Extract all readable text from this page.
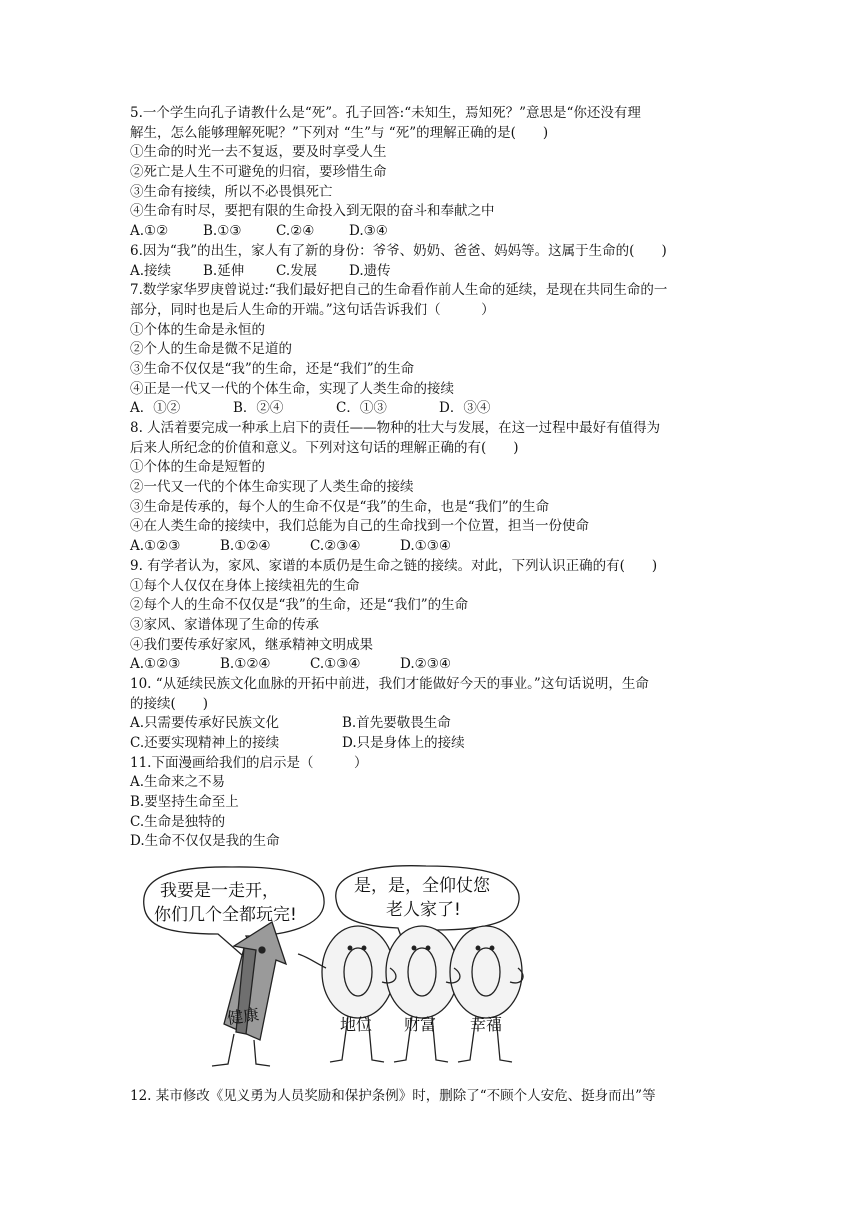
5.一个学生向孔子请教什么是“死”。孔子回答:“未知生，焉知死？”意思是“你还没有理
解生，怎么能够理解死呢？”下列对 “生”与 “死”的理解正确的是(　　)
①生命的时光一去不复返，要及时享受人生
②死亡是人生不可避免的归宿，要珍惜生命
③生命有接续，所以不必畏惧死亡
④生命有时尽，要把有限的生命投入到无限的奋斗和奉献之中
A.①②	B.①③	C.②④	D.③④
6.因为“我”的出生，家人有了新的身份：爷爷、奶奶、爸爸、妈妈等。这属于生命的(　　)
A.接续	B.延伸	C.发展	D.遗传
7.数学家华罗庚曾说过:“我们最好把自己的生命看作前人生命的延续，是现在共同生命的一
部分，同时也是后人生命的开端。”这句话告诉我们（　　　）
①个体的生命是永恒的
②个人的生命是微不足道的
③生命不仅仅是“我”的生命，还是“我们”的生命
④正是一代又一代的个体生命，实现了人类生命的接续
A．①②	B．②④	C．①③	D．③④
8. 人活着要完成一种承上启下的责任——物种的壮大与发展，在这一过程中最好有值得为
后来人所纪念的价值和意义。下列对这句话的理解正确的有(　　)
①个体的生命是短暂的
②一代又一代的个体生命实现了人类生命的接续
③生命是传承的，每个人的生命不仅是“我”的生命，也是“我们”的生命
④在人类生命的接续中，我们总能为自己的生命找到一个位置，担当一份使命
A.①②③	B.①②④	C.②③④	D.①③④
9. 有学者认为，家风、家谱的本质仍是生命之链的接续。对此，下列认识正确的有(　　)
①每个人仅仅在身体上接续祖先的生命
②每个人的生命不仅仅是“我”的生命，还是“我们”的生命
③家风、家谱体现了生命的传承
④我们要传承好家风，继承精神文明成果
A.①②③	B.①②④	C.①③④	D.②③④
10. “从延续民族文化血脉的开拓中前进，我们才能做好今天的事业。”这句话说明，生命
的接续(　　)
A.只需要传承好民族文化	B.首先要敬畏生命
C.还要实现精神上的接续	D.只是身体上的接续
11.下面漫画给我们的启示是（　　　）
A.生命来之不易
B.要坚持生命至上
C.生命是独特的
D.生命不仅仅是我的生命
我要是一走开，
你们几个全都玩完!
是，是，全仰仗您
老人家了!
健康	地位 财富 幸福
12. 某市修改《见义勇为人员奖励和保护条例》时，删除了“不顾个人安危、挺身而出”等
